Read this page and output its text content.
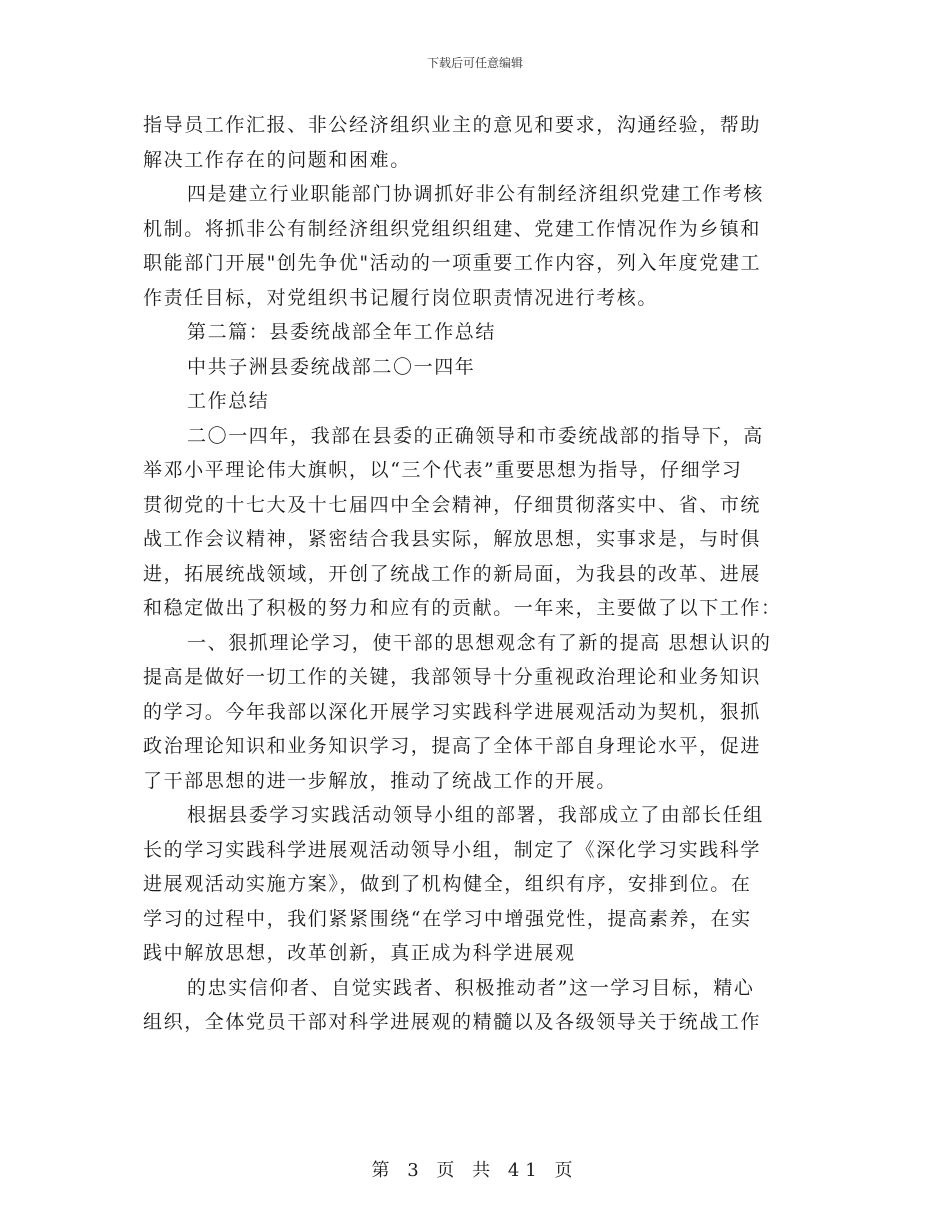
下载后可任意编辑
指导员工作汇报、非公经济组织业主的意见和要求，沟通经验，帮助
解决工作存在的问题和困难。
四是建立行业职能部门协调抓好非公有制经济组织党建工作考核
机制。将抓非公有制经济组织党组织组建、党建工作情况作为乡镇和
职能部门开展"创先争优"活动的一项重要工作内容，列入年度党建工
作责任目标，对党组织书记履行岗位职责情况进行考核。
第二篇：县委统战部全年工作总结
中共子洲县委统战部二〇一四年
工作总结
二〇一四年，我部在县委的正确领导和市委统战部的指导下，高
举邓小平理论伟大旗帜，以“三个代表”重要思想为指导，仔细学习
贯彻党的十七大及十七届四中全会精神，仔细贯彻落实中、省、市统
战工作会议精神，紧密结合我县实际，解放思想，实事求是，与时俱
进，拓展统战领域，开创了统战工作的新局面，为我县的改革、进展
和稳定做出了积极的努力和应有的贡献。一年来，主要做了以下工作：
一、狠抓理论学习，使干部的思想观念有了新的提高 思想认识的
提高是做好一切工作的关键，我部领导十分重视政治理论和业务知识
的学习。今年我部以深化开展学习实践科学进展观活动为契机，狠抓
政治理论知识和业务知识学习，提高了全体干部自身理论水平，促进
了干部思想的进一步解放，推动了统战工作的开展。
根据县委学习实践活动领导小组的部署，我部成立了由部长任组
长的学习实践科学进展观活动领导小组，制定了《深化学习实践科学
进展观活动实施方案》，做到了机构健全，组织有序，安排到位。在
学习的过程中，我们紧紧围绕“在学习中增强党性，提高素养，在实
践中解放思想，改革创新，真正成为科学进展观
的忠实信仰者、自觉实践者、积极推动者”这一学习目标，精心
组织，全体党员干部对科学进展观的精髓以及各级领导关于统战工作
第 3 页 共 41 页
